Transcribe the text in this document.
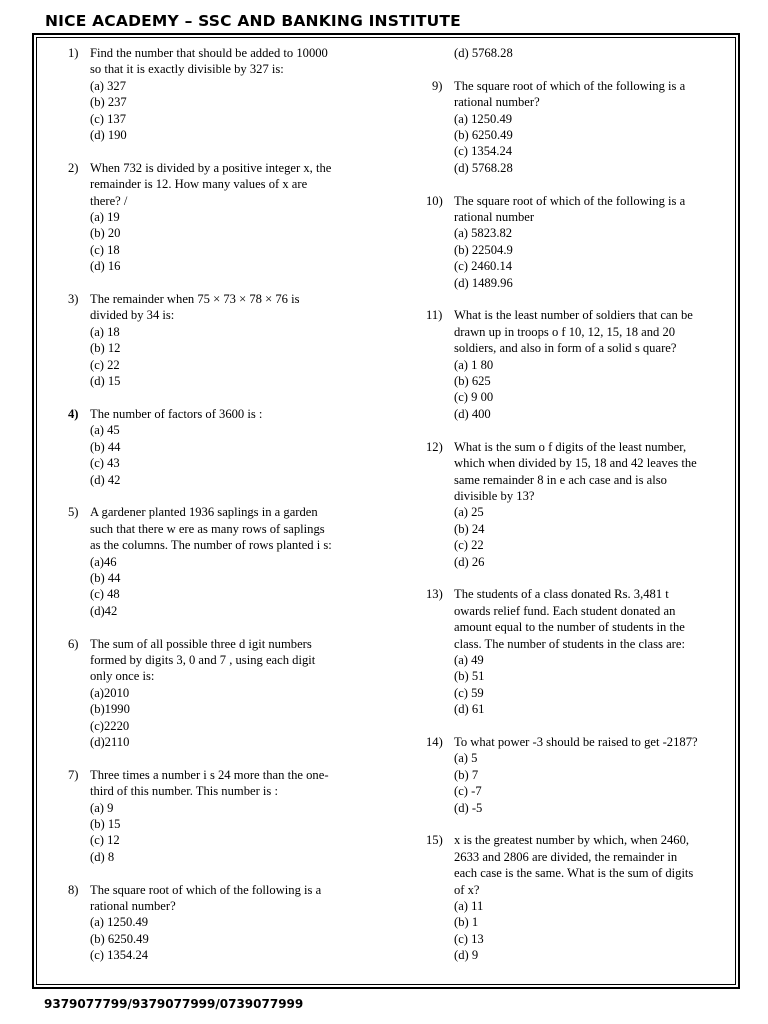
NICE ACADEMY – SSC AND BANKING INSTITUTE
1) Find the number that should be added to 10000
so that it is exactly divisible by 327 is:
(a) 327
(b) 237
(c) 137
(d) 190
2) When 732 is divided by a positive integer x, the
remainder is 12. How many values of x are
there? /
(a) 19
(b) 20
(c) 18
(d) 16
3) The remainder when 75 × 73 × 78 × 76 is
divided by 34 is:
(a) 18
(b) 12
(c) 22
(d) 15
4) The number of factors of 3600 is :
(a) 45
(b) 44
(c) 43
(d) 42
5) A gardener planted 1936 saplings in a garden
such that there w ere as many rows of saplings
as the columns. The number of rows planted i s:
(a)46
(b) 44
(c) 48
(d)42
6) The sum of all possible three d igit numbers
formed by digits 3, 0 and 7 , using each digit
only once is:
(a)2010
(b)1990
(c)2220
(d)2110
7) Three times a number i s 24 more than the one-
third of this number. This number is :
(a) 9
(b) 15
(c) 12
(d) 8
8) The square root of which of the following is a
rational number?
(a) 1250.49
(b) 6250.49
(c) 1354.24
(d) 5768.28
9) The square root of which of the following is a
rational number?
(a) 1250.49
(b) 6250.49
(c) 1354.24
(d) 5768.28
10) The square root of which of the following is a
rational number
(a) 5823.82
(b) 22504.9
(c) 2460.14
(d) 1489.96
11) What is the least number of soldiers that can be
drawn up in troops o f 10, 12, 15, 18 and 20
soldiers, and also in form of a solid s quare?
(a) 1 80
(b) 625
(c) 9 00
(d) 400
12) What is the sum o f digits of the least number,
which when divided by 15, 18 and 42 leaves the
same remainder 8 in e ach case and is also
divisible by 13?
(a) 25
(b) 24
(c) 22
(d) 26
13) The students of a class donated Rs. 3,481 t
owards relief fund. Each student donated an
amount equal to the number of students in the
class. The number of students in the class are:
(a) 49
(b) 51
(c) 59
(d) 61
14) To what power -3 should be raised to get -2187?
(a) 5
(b) 7
(c) -7
(d) -5
15) x is the greatest number by which, when 2460,
2633 and 2806 are divided, the remainder in
each case is the same. What is the sum of digits
of x?
(a) 11
(b) 1
(c) 13
(d) 9
9379077799/9379077999/0739077999
